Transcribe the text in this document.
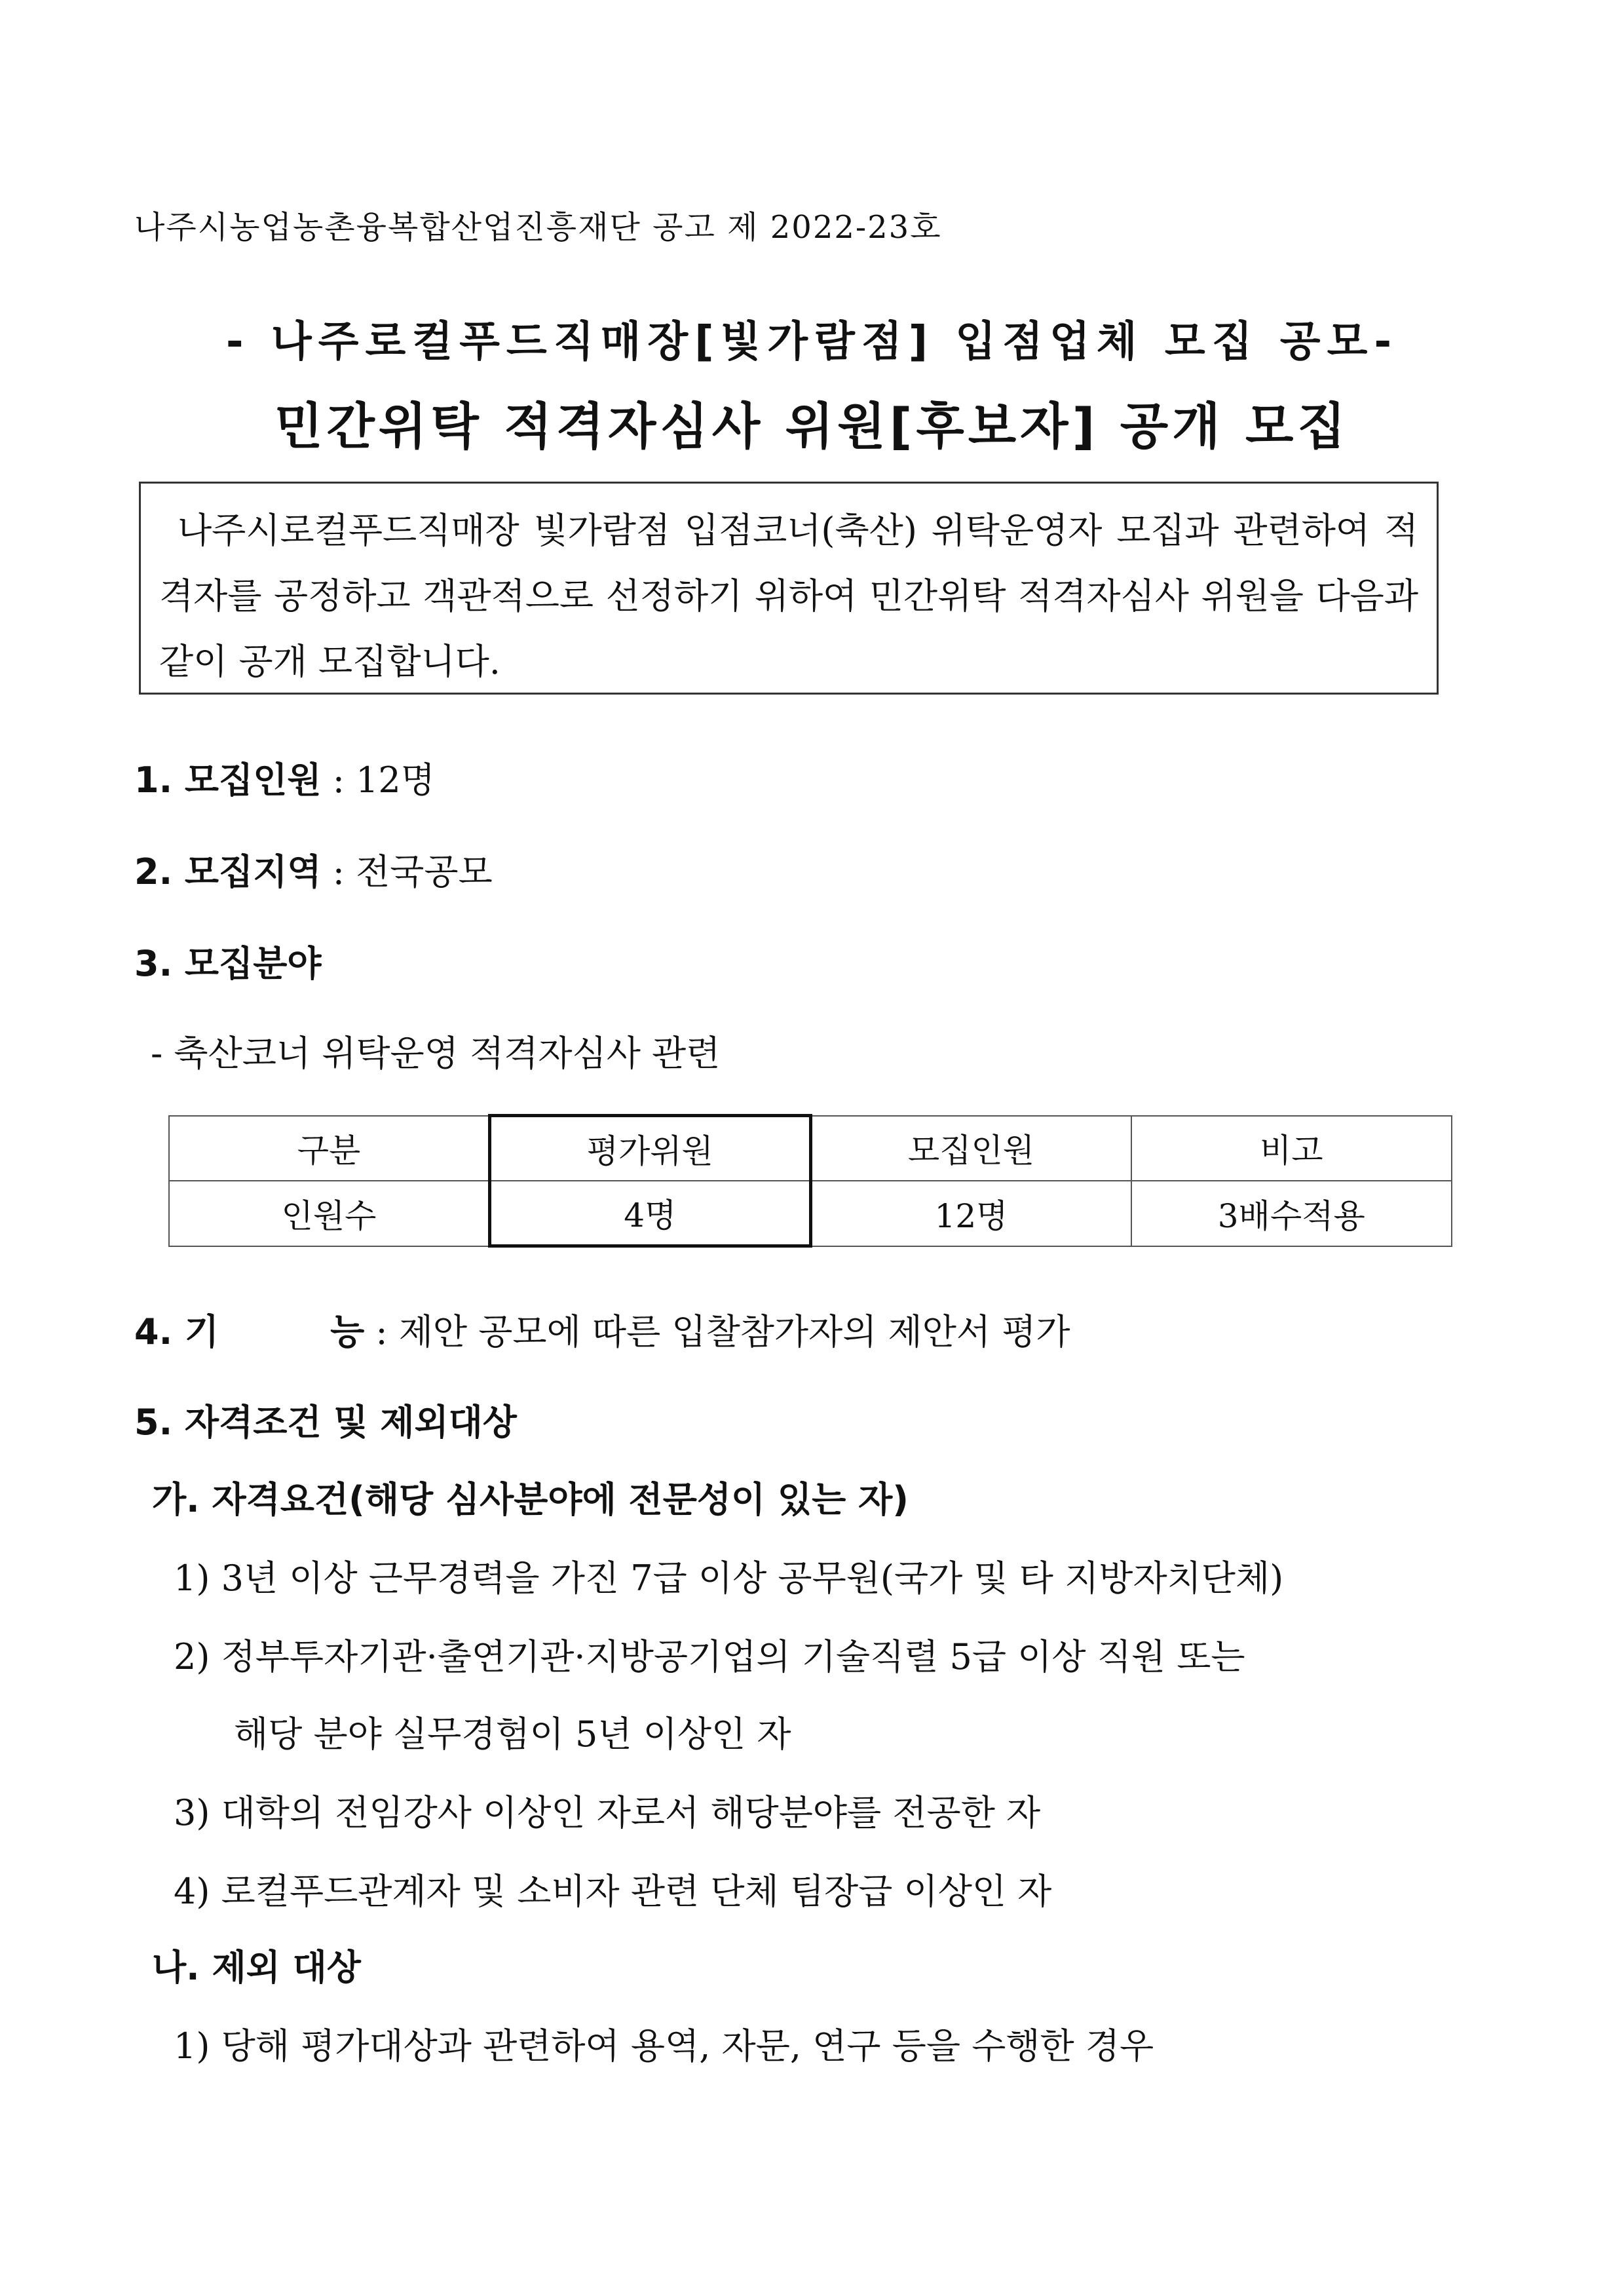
나주시농업농촌융복합산업진흥재단 공고 제 2022-23호
- 나주로컬푸드직매장[빛가람점] 입점업체 모집 공모-
민간위탁 적격자심사 위원[후보자] 공개 모집
나주시로컬푸드직매장 빛가람점 입점코너(축산) 위탁운영자 모집과 관련하여 적격자를 공정하고 객관적으로 선정하기 위하여 민간위탁 적격자심사 위원을 다음과 같이 공개 모집합니다.
1. 모집인원 : 12명
2. 모집지역 : 전국공모
3. 모집분야
- 축산코너 위탁운영 적격자심사 관련
구분	평가위원	모집인원	비고
인원수	4명	12명	3배수적용
4. 기	능 : 제안 공모에 따른 입찰참가자의 제안서 평가
5. 자격조건 및 제외대상
가. 자격요건(해당 심사분야에 전문성이 있는 자)
1) 3년 이상 근무경력을 가진 7급 이상 공무원(국가 및 타 지방자치단체)
2) 정부투자기관·출연기관·지방공기업의 기술직렬 5급 이상 직원 또는
해당 분야 실무경험이 5년 이상인 자
3) 대학의 전임강사 이상인 자로서 해당분야를 전공한 자
4) 로컬푸드관계자 및 소비자 관련 단체 팀장급 이상인 자
나. 제외 대상
1) 당해 평가대상과 관련하여 용역, 자문, 연구 등을 수행한 경우
